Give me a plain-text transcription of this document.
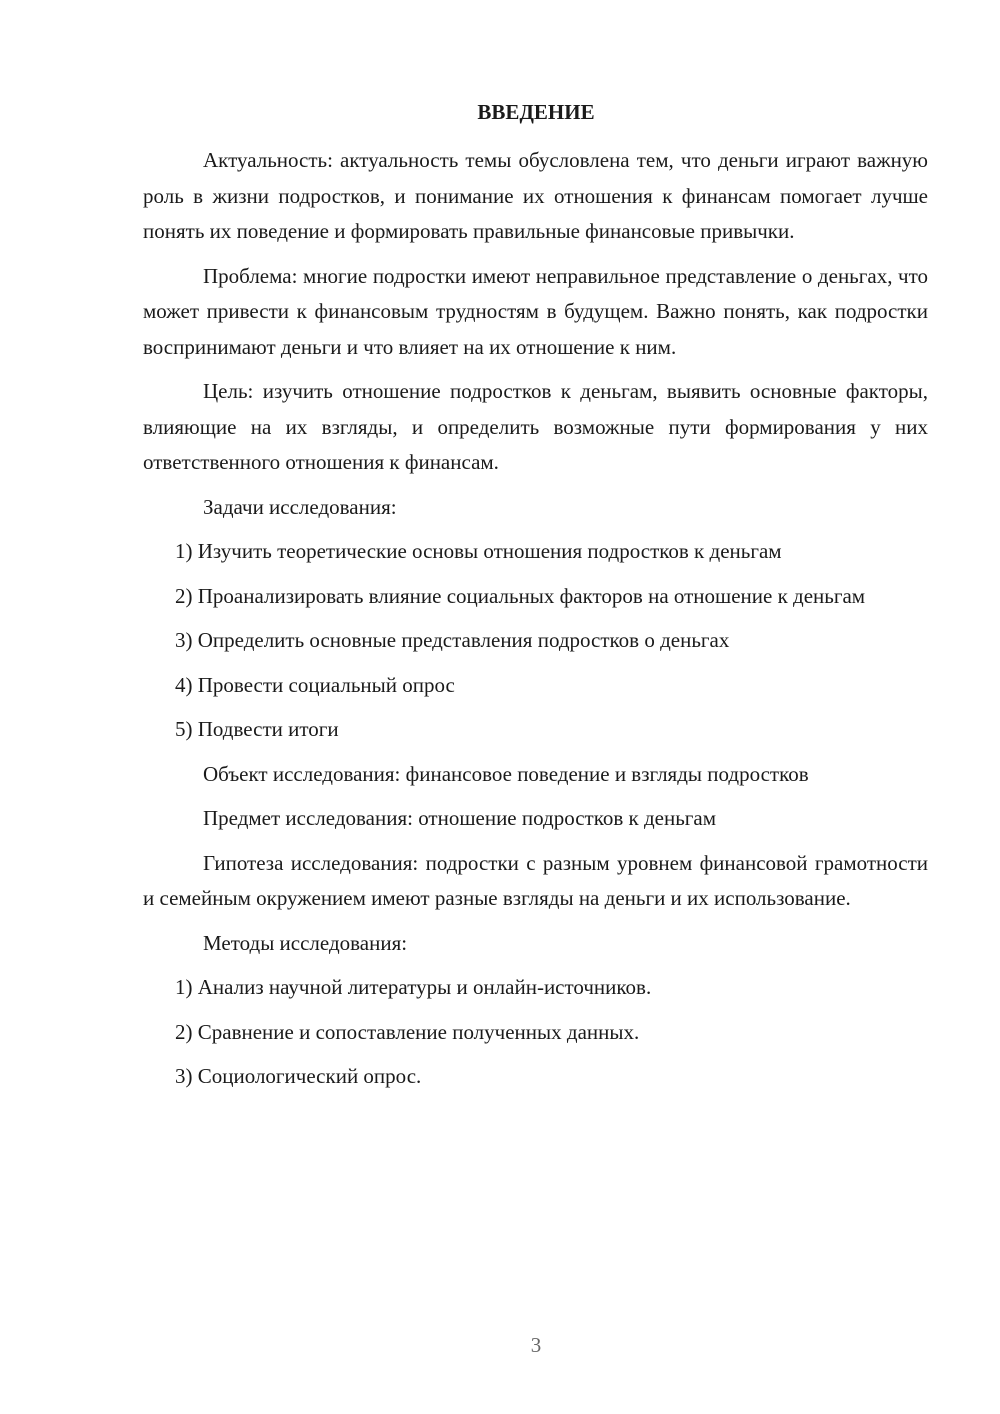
ВВЕДЕНИЕ

Актуальность: актуальность темы обусловлена тем, что деньги играют важную роль в жизни подростков, и понимание их отношения к финансам помогает лучше понять их поведение и формировать правильные финансовые привычки.

Проблема: многие подростки имеют неправильное представление о деньгах, что может привести к финансовым трудностям в будущем. Важно понять, как подростки воспринимают деньги и что влияет на их отношение к ним.

Цель: изучить отношение подростков к деньгам, выявить основные факторы, влияющие на их взгляды, и определить возможные пути формирования у них ответственного отношения к финансам.

Задачи исследования:

1) Изучить теоретические основы отношения подростков к деньгам

2) Проанализировать влияние социальных факторов на отношение к деньгам

3) Определить основные представления подростков о деньгах

4) Провести социальный опрос

5) Подвести итоги

Объект исследования: финансовое поведение и взгляды подростков

Предмет исследования: отношение подростков к деньгам

Гипотеза исследования: подростки с разным уровнем финансовой грамотности и семейным окружением имеют разные взгляды на деньги и их использование.

Методы исследования:

1) Анализ научной литературы и онлайн-источников.

2) Сравнение и сопоставление полученных данных.

3) Социологический опрос.

3
